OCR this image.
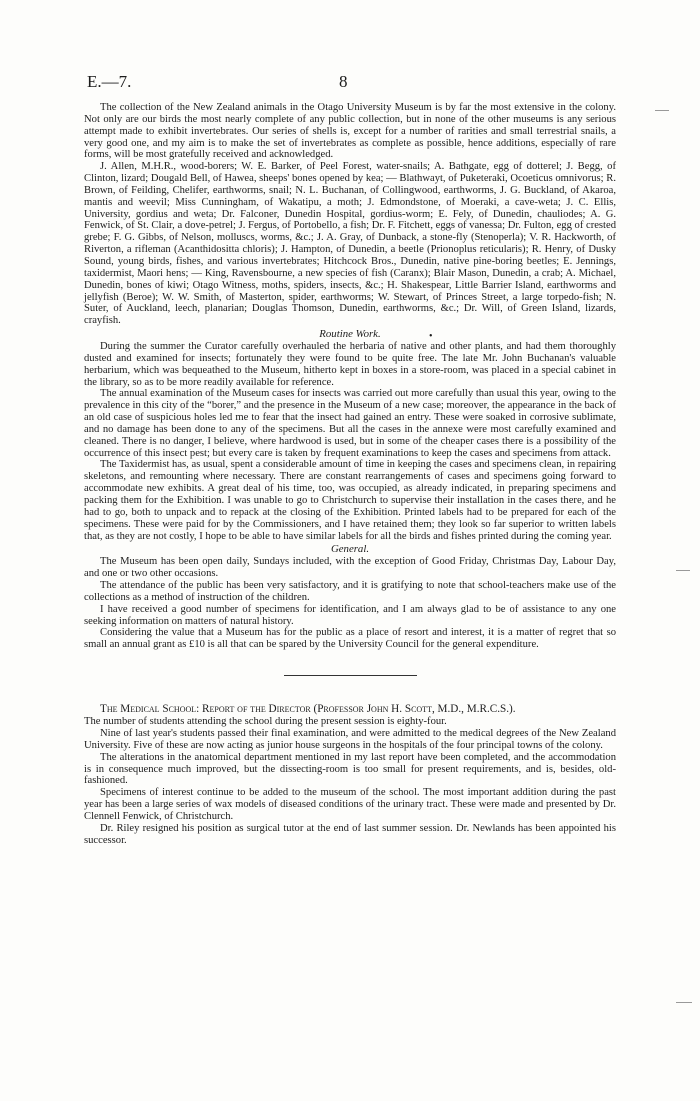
E.—7.	8

The collection of the New Zealand animals in the Otago University Museum is by far the most extensive in the colony. Not only are our birds the most nearly complete of any public collection, but in none of the other museums is any serious attempt made to exhibit invertebrates. Our series of shells is, except for a number of rarities and small terrestrial snails, a very good one, and my aim is to make the set of invertebrates as complete as possible, hence additions, especially of rare forms, will be most gratefully received and acknowledged.

J. Allen, M.H.R., wood-borers; W. E. Barker, of Peel Forest, water-snails; A. Bathgate, egg of dotterel; J. Begg, of Clinton, lizard; Dougald Bell, of Hawea, sheeps' bones opened by kea; — Blathwayt, of Puketeraki, Ocoeticus omnivorus; R. Brown, of Feilding, Chelifer, earthworms, snail; N. L. Buchanan, of Collingwood, earthworms, J. G. Buckland, of Akaroa, mantis and weevil; Miss Cunningham, of Wakatipu, a moth; J. Edmondstone, of Moeraki, a cave-weta; J. C. Ellis, University, gordius and weta; Dr. Falconer, Dunedin Hospital, gordius-worm; E. Fely, of Dunedin, chauliodes; A. G. Fenwick, of St. Clair, a dove-petrel; J. Fergus, of Portobello, a fish; Dr. F. Fitchett, eggs of vanessa; Dr. Fulton, egg of crested grebe; F. G. Gibbs, of Nelson, molluscs, worms, &c.; J. A. Gray, of Dunback, a stone-fly (Stenoperla); V. R. Hackworth, of Riverton, a rifleman (Acanthidositta chloris); J. Hampton, of Dunedin, a beetle (Prionoplus reticularis); R. Henry, of Dusky Sound, young birds, fishes, and various invertebrates; Hitchcock Bros., Dunedin, native pine-boring beetles; E. Jennings, taxidermist, Maori hens; — King, Ravensbourne, a new species of fish (Caranx); Blair Mason, Dunedin, a crab; A. Michael, Dunedin, bones of kiwi; Otago Witness, moths, spiders, insects, &c.; H. Shakespear, Little Barrier Island, earthworms and jellyfish (Beroe); W. W. Smith, of Masterton, spider, earthworms; W. Stewart, of Princes Street, a large torpedo-fish; N. Suter, of Auckland, leech, planarian; Douglas Thomson, Dunedin, earthworms, &c.; Dr. Will, of Green Island, lizards, crayfish.

Routine Work.

During the summer the Curator carefully overhauled the herbaria of native and other plants, and had them thoroughly dusted and examined for insects; fortunately they were found to be quite free. The late Mr. John Buchanan's valuable herbarium, which was bequeathed to the Museum, hitherto kept in boxes in a store-room, was placed in a special cabinet in the library, so as to be more readily available for reference.

The annual examination of the Museum cases for insects was carried out more carefully than usual this year, owing to the prevalence in this city of the “borer,” and the presence in the Museum of a new case; moreover, the appearance in the back of an old case of suspicious holes led me to fear that the insect had gained an entry. These were soaked in corrosive sublimate, and no damage has been done to any of the specimens. But all the cases in the annexe were most carefully examined and cleaned. There is no danger, I believe, where hardwood is used, but in some of the cheaper cases there is a possibility of the occurrence of this insect pest; but every care is taken by frequent examinations to keep the cases and specimens from attack.

The Taxidermist has, as usual, spent a considerable amount of time in keeping the cases and specimens clean, in repairing skeletons, and remounting where necessary. There are constant rearrangements of cases and specimens going forward to accommodate new exhibits. A great deal of his time, too, was occupied, as already indicated, in preparing specimens and packing them for the Exhibition. I was unable to go to Christchurch to supervise their installation in the cases there, and he had to go, both to unpack and to repack at the closing of the Exhibition. Printed labels had to be prepared for each of the specimens. These were paid for by the Commissioners, and I have retained them; they look so far superior to written labels that, as they are not costly, I hope to be able to have similar labels for all the birds and fishes printed during the coming year.

General.

The Museum has been open daily, Sundays included, with the exception of Good Friday, Christmas Day, Labour Day, and one or two other occasions.

The attendance of the public has been very satisfactory, and it is gratifying to note that school-teachers make use of the collections as a method of instruction of the children.

I have received a good number of specimens for identification, and I am always glad to be of assistance to any one seeking information on matters of natural history.

Considering the value that a Museum has for the public as a place of resort and interest, it is a matter of regret that so small an annual grant as £10 is all that can be spared by the University Council for the general expenditure.

The Medical School: Report of the Director (Professor John H. Scott, M.D., M.R.C.S.).

The number of students attending the school during the present session is eighty-four.

Nine of last year's students passed their final examination, and were admitted to the medical degrees of the New Zealand University. Five of these are now acting as junior house surgeons in the hospitals of the four principal towns of the colony.

The alterations in the anatomical department mentioned in my last report have been completed, and the accommodation is in consequence much improved, but the dissecting-room is too small for present requirements, and is, besides, old-fashioned.

Specimens of interest continue to be added to the museum of the school. The most important addition during the past year has been a large series of wax models of diseased conditions of the urinary tract. These were made and presented by Dr. Clennell Fenwick, of Christchurch.

Dr. Riley resigned his position as surgical tutor at the end of last summer session. Dr. Newlands has been appointed his successor.

•
